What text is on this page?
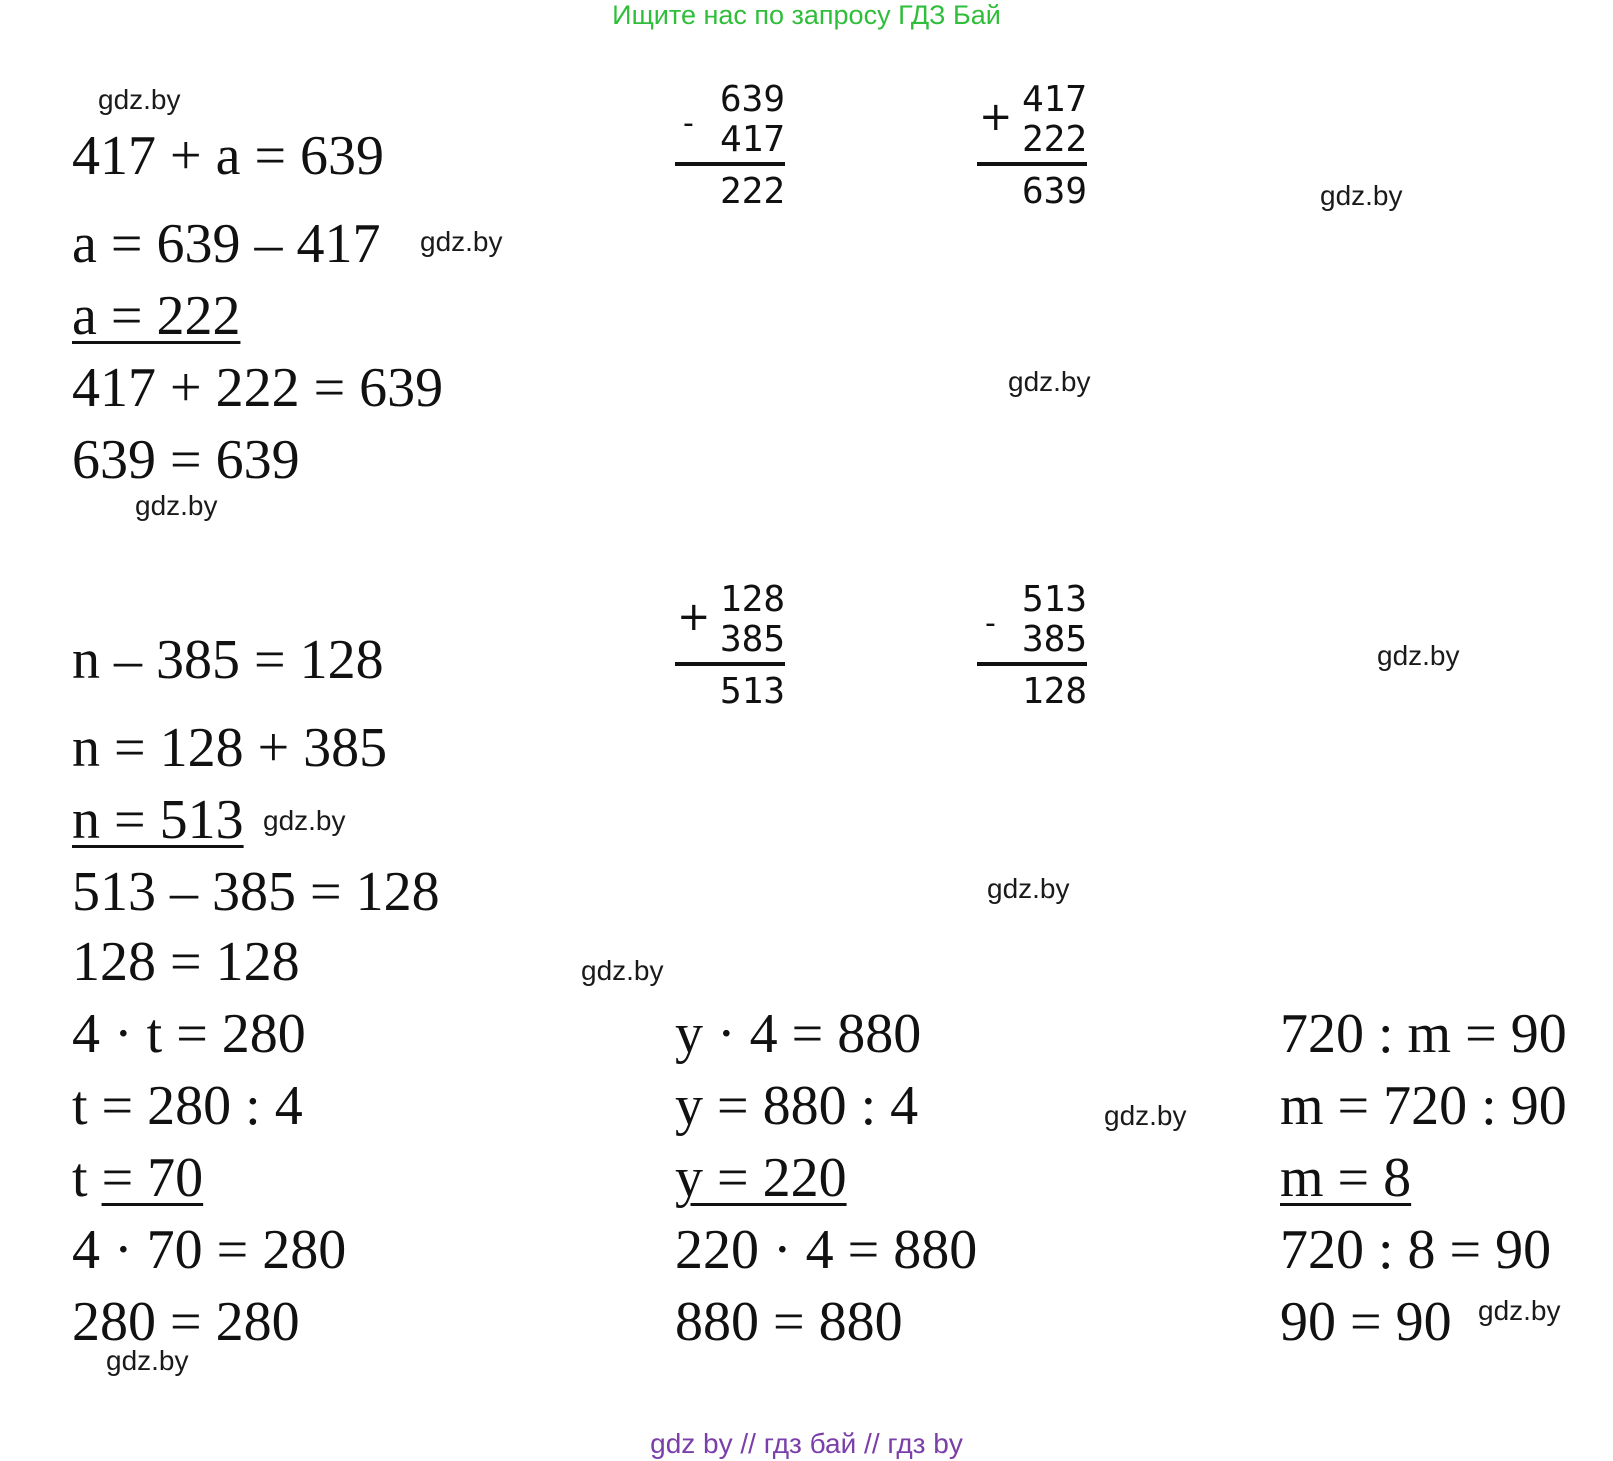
Ищите нас по запросу ГДЗ Бай
gdz by // гдз бай // гдз by
gdz.by
gdz.by
gdz.by
gdz.by
gdz.by
gdz.by
gdz.by
gdz.by
gdz.by
gdz.by
gdz.by
gdz.by
417 + a = 639
a = 639 – 417
a = 222
417 + 222 = 639
639 = 639
-
639
417
222
+ 417
222
639
n – 385 = 128
n = 128 + 385
n = 513
513 – 385 = 128
128 = 128
+ 128
385
513
-
513
385
128
4 · t = 280
t = 280 : 4
t = 70
4 · 70 = 280
280 = 280
y · 4 = 880
y = 880 : 4
y = 220
220 · 4 = 880
880 = 880
720 : m = 90
m = 720 : 90
m = 8
720 : 8 = 90
90 = 90
